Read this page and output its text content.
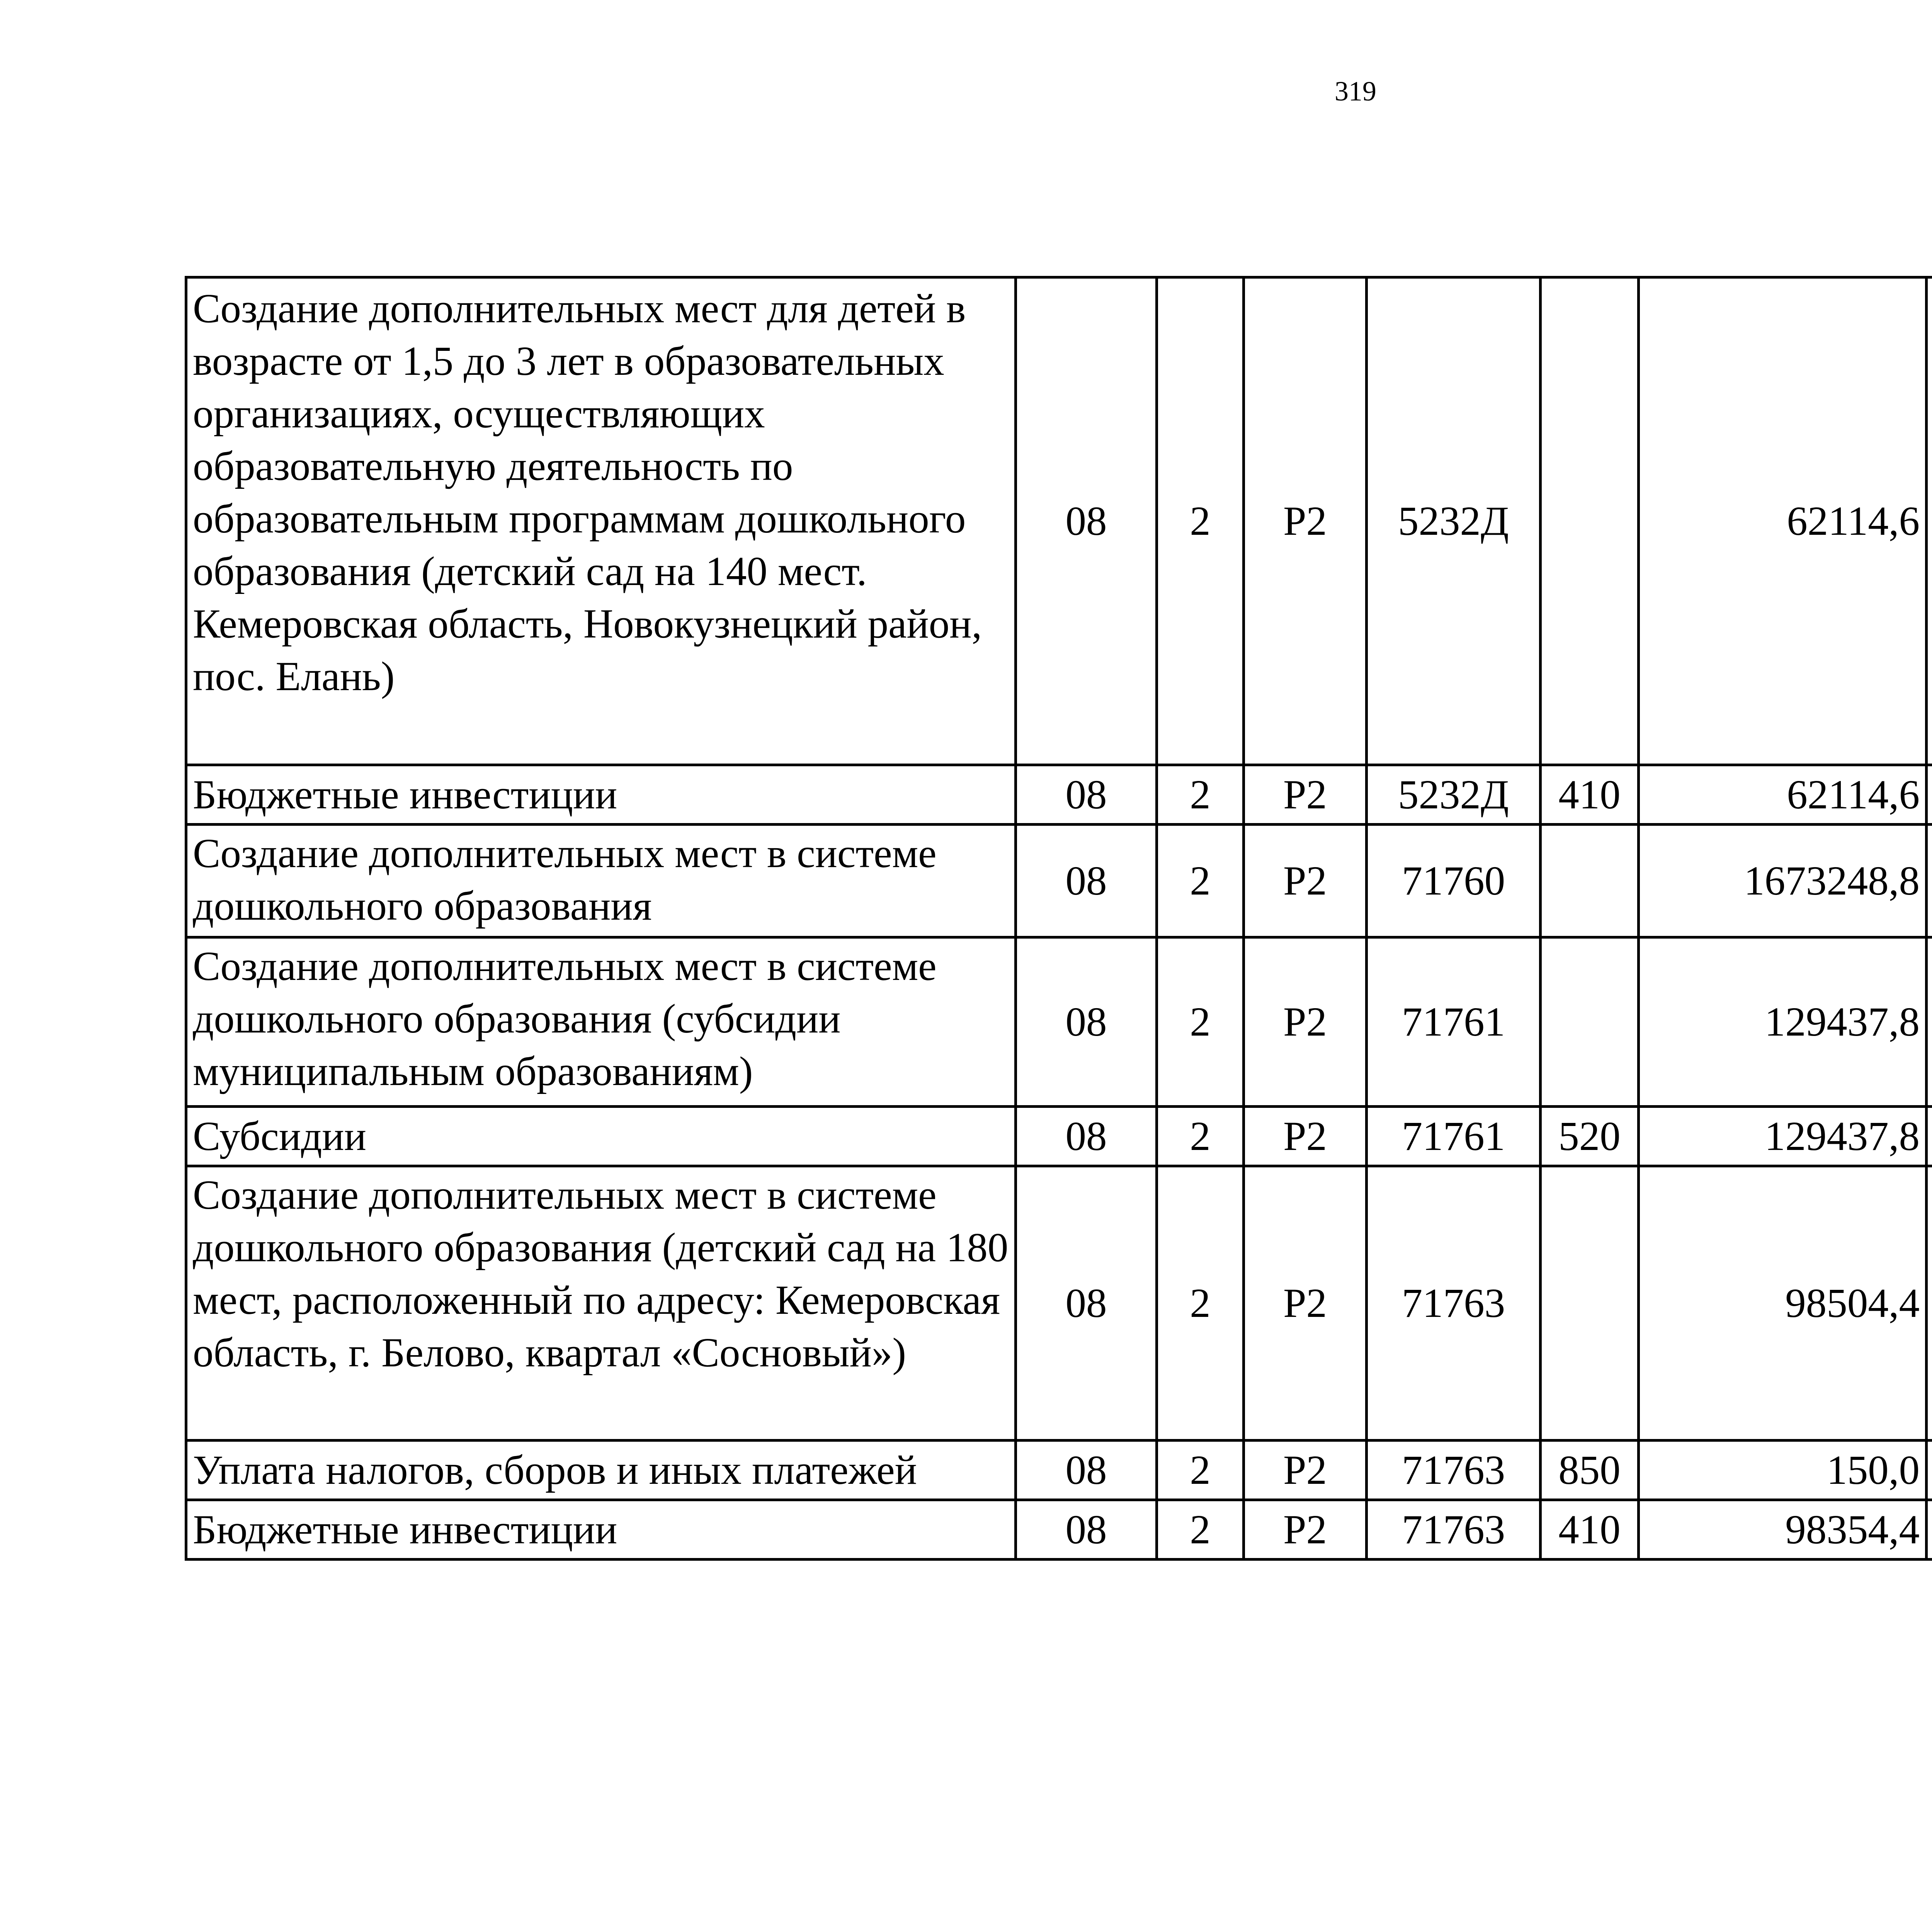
319
Создание дополнительных мест для детей в возрасте от 1,5 до 3 лет в образовательных организациях, осуществляющих образовательную деятельность по образовательным программам дошкольного образования (детский сад на 140 мест. Кемеровская область, Новокузнецкий район, пос. Елань)	08	2	P2	5232Д		62114,6		
Бюджетные инвестиции	08	2	P2	5232Д	410	62114,6		
Создание дополнительных мест в системе дошкольного образования	08	2	P2	71760		1673248,8		
Создание дополнительных мест в системе дошкольного образования (субсидии муниципальным образованиям)	08	2	P2	71761		129437,8		
Субсидии	08	2	P2	71761	520	129437,8		
Создание дополнительных мест в системе дошкольного образования (детский сад на 180 мест, расположенный по адресу: Кемеровская область, г. Белово, квартал «Сосновый»)	08	2	P2	71763		98504,4		
Уплата налогов, сборов и иных платежей	08	2	P2	71763	850	150,0		
Бюджетные инвестиции	08	2	P2	71763	410	98354,4		
